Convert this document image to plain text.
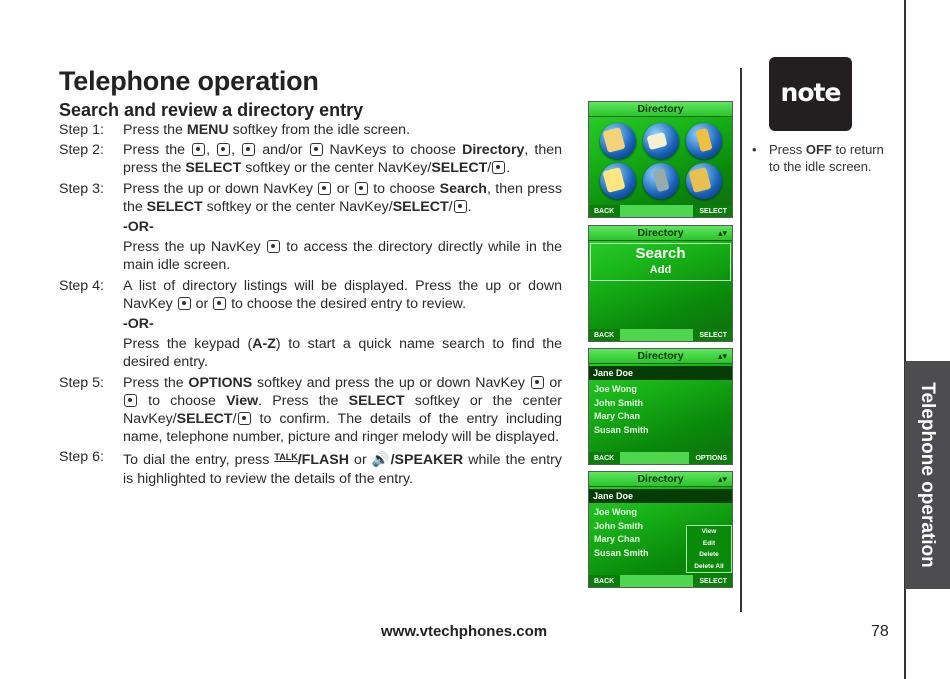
Telephone operation
Search and review a directory entry
Step 1:	Press the MENU softkey from the idle screen.
Step 2:	Press the , ,  and/or  NavKeys to choose Directory, then press the SELECT softkey or the center NavKey/SELECT/ .
Step 3:	Press the up or down NavKey  or  to choose Search, then press the SELECT softkey or the center NavKey/SELECT/ .
-OR-
Press the up NavKey  to access the directory directly while in the main idle screen.
Step 4:	A list of directory listings will be displayed. Press the up or down NavKey  or  to choose the desired entry to review.
-OR-
Press the keypad (A-Z) to start a quick name search to find the desired entry.
Step 5:	Press the OPTIONS softkey and press the up or down NavKey  or  to choose View. Press the SELECT softkey or the center NavKey/SELECT/ to confirm. The details of the entry including name, telephone number, picture and ringer melody will be displayed.
Step 6:	To dial the entry, press $^{TALK}$/FLASH or 🔊/SPEAKER while the entry is highlighted to review the details of the entry.
Directory
BACK	SELECT
Directory	▴▾
Search
Add
BACK	SELECT
Directory	▴▾
Jane Doe
Joe Wong
John Smith
Mary Chan
Susan Smith
BACK	OPTIONS
Directory	▴▾
Jane Doe
Joe Wong
John Smith
Mary Chan
Susan Smith
View
Edit
Delete
Delete All
BACK	SELECT
note
• Press OFF to return to the idle screen.
Telephone operation
www.vtechphones.com	78
